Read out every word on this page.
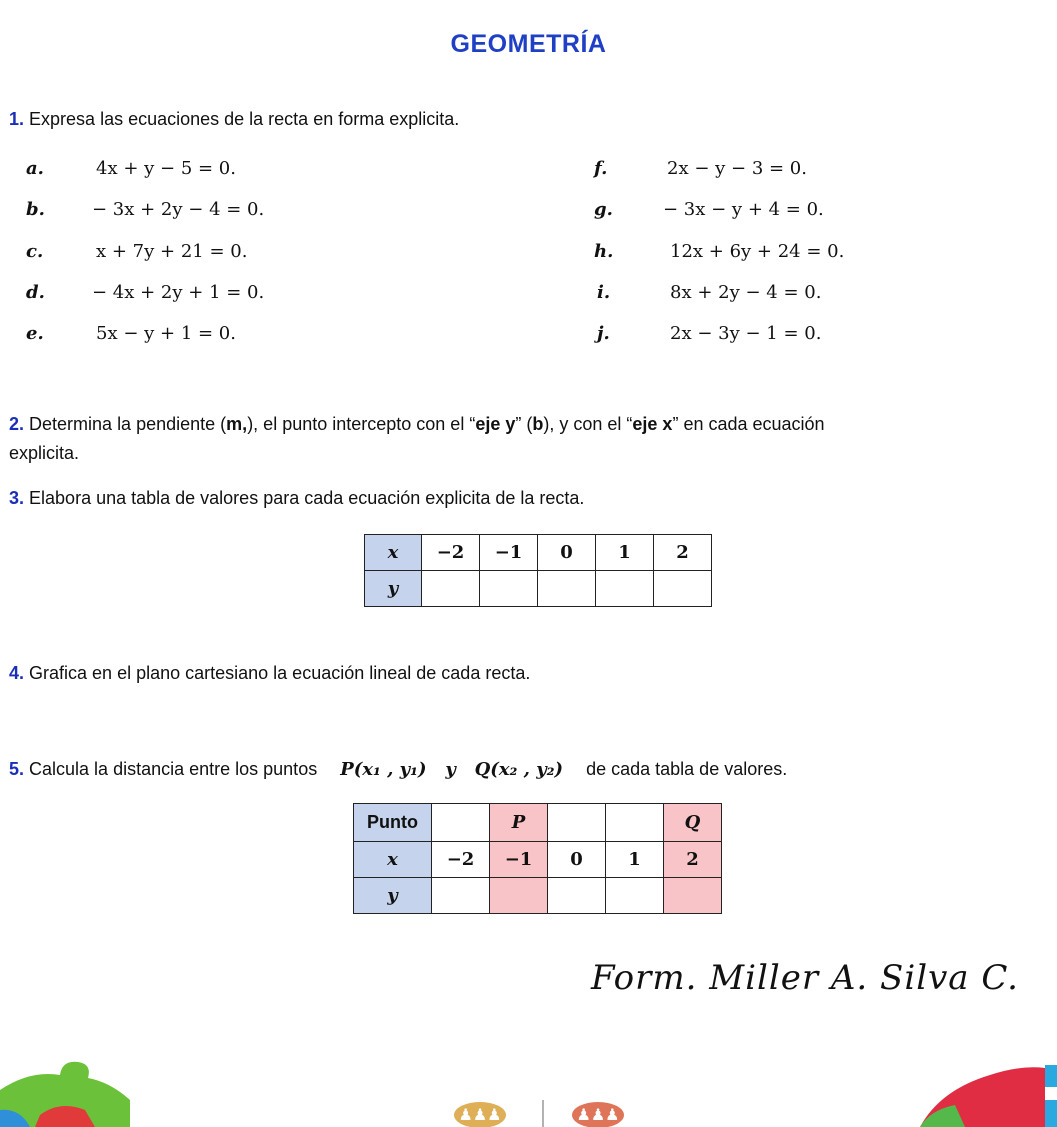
GEOMETRÍA
1. Expresa las ecuaciones de la recta en forma explicita.
a.	4x + y − 5 = 0.
b.	− 3x + 2y − 4 = 0.
c.	x + 7y + 21 = 0.
d.	− 4x + 2y + 1 = 0.
e.	5x − y + 1 = 0.
f.	2x − y − 3 = 0.
g.	− 3x − y + 4 = 0.
h.	12x + 6y + 24 = 0.
i.	8x + 2y − 4 = 0.
j.	2x − 3y − 1 = 0.
2. Determina la pendiente (m,), el punto intercepto con el “eje y” (b), y con el “eje x” en cada ecuación
explicita.
3. Elabora una tabla de valores para cada ecuación explicita de la recta.
x	−2	−1	0	1	2
y					
4. Grafica en el plano cartesiano la ecuación lineal de cada recta.
5. Calcula la distancia entre los puntos P(x₁ , y₁)   y   Q(x₂ , y₂) de cada tabla de valores.
Punto		P			Q
x	−2	−1	0	1	2
y					
Form. Miller A. Silva C.
♟♟♟	♟♟♟
